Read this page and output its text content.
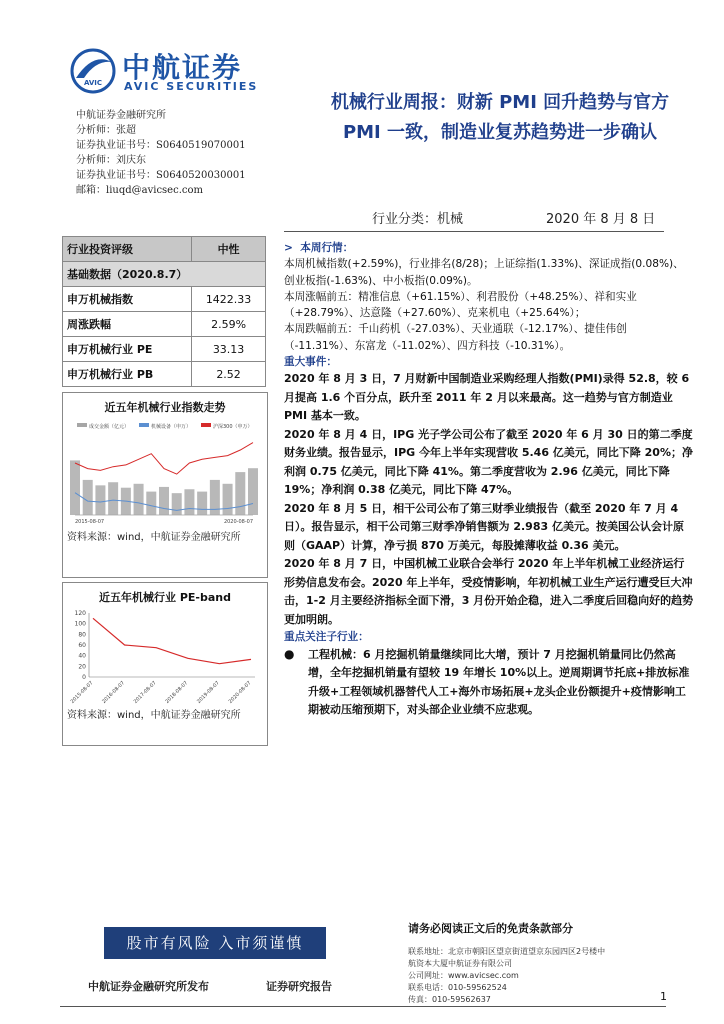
AVIC 中航证券
AVIC SECURITIES
机械行业周报：财新 PMI 回升趋势与官方
PMI 一致，制造业复苏趋势进一步确认
中航证券金融研究所
分析师：张超
证券执业证书号：S0640519070001
分析师：刘庆东
证券执业证书号：S0640520030001
邮箱：liuqd@avicsec.com
行业分类：机械	2020 年 8 月 8 日
行业投资评级	中性
基础数据（2020.8.7）	
申万机械指数	1422.33
周涨跌幅	2.59%
申万机械行业 PE	33.13
申万机械行业 PB	2.52
近五年机械行业指数走势
成交金额（亿元）	机械设备（申万）	沪深300（申万）
2015-08-07	2020-08-07
资料来源：wind，中航证券金融研究所
近五年机械行业 PE-band
120
100
80
60
40
20
0
2015-08-07 2016-08-07 2017-08-07 2018-08-07 2019-08-07 2020-08-07
资料来源：wind，中航证券金融研究所

>  本周行情：

本周机械指数(+2.59%)，行业排名(8/28)；上证综指(1.33%)、深证成指(0.08%)、创业板指(-1.63%)、中小板指(0.09%)。

本周涨幅前五：精准信息（+61.15%）、利君股份（+48.25%）、祥和实业（+28.79%）、达意隆（+27.60%）、克来机电（+25.64%）；

本周跌幅前五：千山药机（-27.03%）、天业通联（-12.17%）、捷佳伟创（-11.31%）、东富龙（-11.02%）、四方科技（-10.31%）。

重大事件：

2020 年 8 月 3 日，7 月财新中国制造业采购经理人指数(PMI)录得 52.8，较 6 月提高 1.6 个百分点，跃升至 2011 年 2 月以来最高。这一趋势与官方制造业 PMI 基本一致。

2020 年 8 月 4 日，IPG 光子学公司公布了截至 2020 年 6 月 30 日的第二季度财务业绩。报告显示，IPG 今年上半年实现营收 5.46 亿美元，同比下降 20%；净利润 0.75 亿美元，同比下降 41%。第二季度营收为 2.96 亿美元，同比下降 19%；净利润 0.38 亿美元，同比下降 47%。

2020 年 8 月 5 日，相干公司公布了第三财季业绩报告（截至 2020 年 7 月 4 日）。报告显示，相干公司第三财季净销售额为 2.983 亿美元。按美国公认会计原则（GAAP）计算，净亏损 870 万美元，每股摊薄收益 0.36 美元。

2020 年 8 月 7 日，中国机械工业联合会举行 2020 年上半年机械工业经济运行形势信息发布会。2020 年上半年，受疫情影响，年初机械工业生产运行遭受巨大冲击，1-2 月主要经济指标全面下滑，3 月份开始企稳，进入二季度后回稳向好的趋势更加明朗。

重点关注子行业：

●	工程机械：6 月挖掘机销量继续同比大增，预计 7 月挖掘机销量同比仍然高增，全年挖掘机销量有望较 19 年增长 10%以上。逆周期调节托底+排放标准升级+工程领域机器替代人工+海外市场拓展+龙头企业份额提升+疫情影响工期被动压缩预期下，对头部企业业绩不应悲观。

股市有风险 入市须谨慎
请务必阅读正文后的免责条款部分
联系地址：北京市朝阳区望京街道望京东园四区2号楼中
航资本大厦中航证券有限公司
公司网址：www.avicsec.com
联系电话：010-59562524
传真：010-59562637	1
中航证券金融研究所发布	证券研究报告
